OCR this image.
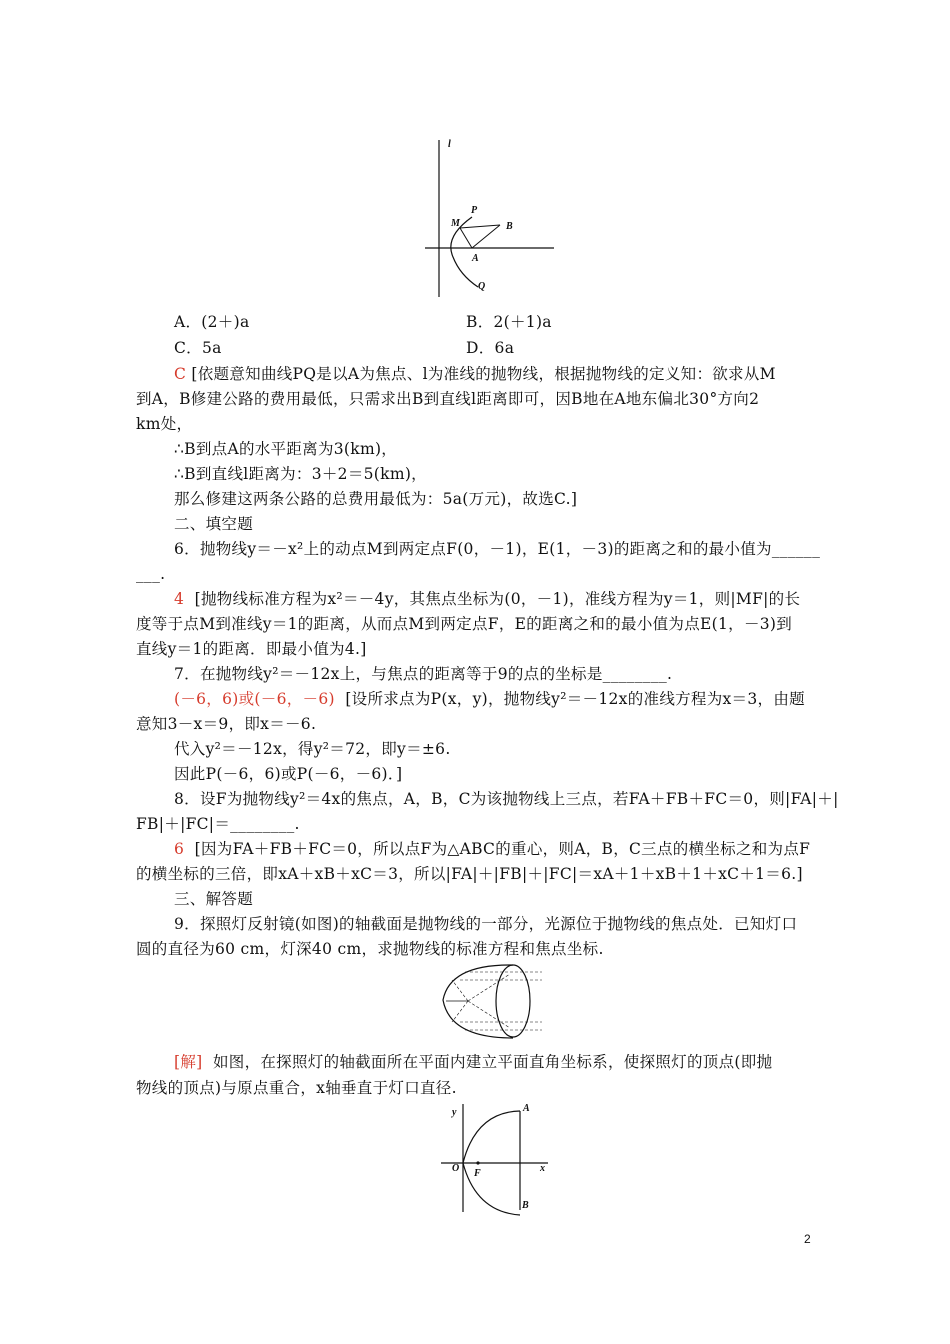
l
P
M	B
A
Q
A．(2＋)a	B．2(＋1)a
C．5a	D．6a
C [依题意知曲线PQ是以A为焦点、l为准线的抛物线，根据抛物线的定义知：欲求从M
到A，B修建公路的费用最低，只需求出B到直线l距离即可，因B地在A地东偏北30°方向2
km处，
∴B到点A的水平距离为3(km)，
∴B到直线l距离为：3＋2＝5(km)，
那么修建这两条公路的总费用最低为：5a(万元)，故选C.]
二、填空题
6．抛物线y＝－x²上的动点M到两定点F(0，－1)，E(1，－3)的距离之和的最小值为______
___.
4 [抛物线标准方程为x²＝－4y，其焦点坐标为(0，－1)，准线方程为y＝1，则|MF|的长
度等于点M到准线y＝1的距离，从而点M到两定点F，E的距离之和的最小值为点E(1，－3)到
直线y＝1的距离．即最小值为4.]
7．在抛物线y²＝－12x上，与焦点的距离等于9的点的坐标是________.
(－6，6)或(－6，－6) [设所求点为P(x，y)，抛物线y²＝－12x的准线方程为x＝3，由题
意知3－x＝9，即x＝－6.
代入y²＝－12x，得y²＝72，即y＝±6.
因此P(－6，6)或P(－6，－6)．]
8．设F为抛物线y²＝4x的焦点，A，B，C为该抛物线上三点，若FA＋FB＋FC＝0，则|FA|＋|
FB|＋|FC|＝________.
6 [因为FA＋FB＋FC＝0，所以点F为△ABC的重心，则A，B，C三点的横坐标之和为点F
的横坐标的三倍，即xA＋xB＋xC＝3，所以|FA|＋|FB|＋|FC|＝xA＋1＋xB＋1＋xC＋1＝6.]
三、解答题
9．探照灯反射镜(如图)的轴截面是抛物线的一部分，光源位于抛物线的焦点处．已知灯口
圆的直径为60 cm，灯深40 cm，求抛物线的标准方程和焦点坐标.
[解] 如图，在探照灯的轴截面所在平面内建立平面直角坐标系，使探照灯的顶点(即抛
物线的顶点)与原点重合，x轴垂直于灯口直径.
y	A
O F	x
B
2
